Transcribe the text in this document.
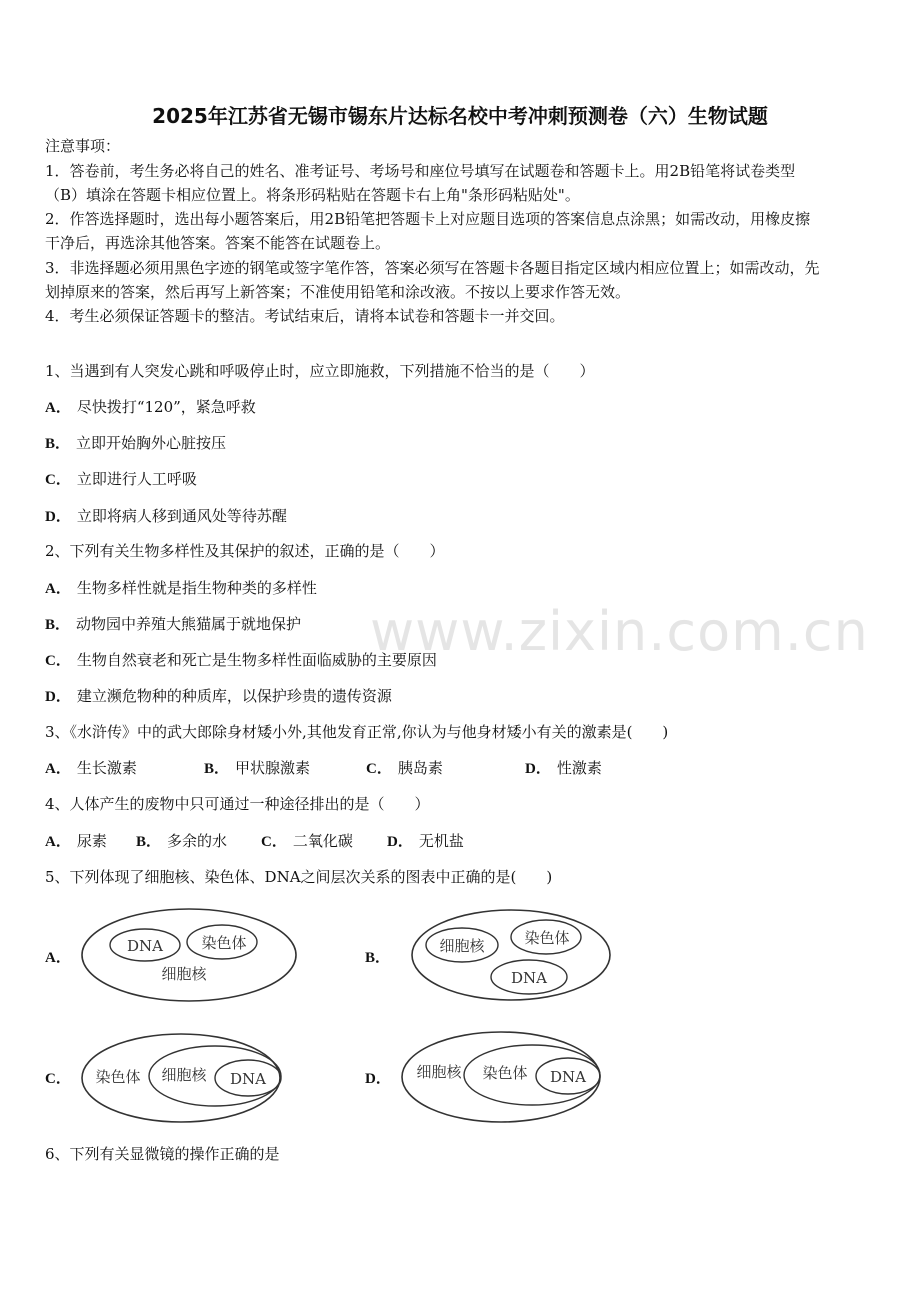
www.zixin.com.cn
2025年江苏省无锡市锡东片达标名校中考冲刺预测卷（六）生物试题
注意事项：
1．答卷前，考生务必将自己的姓名、准考证号、考场号和座位号填写在试题卷和答题卡上。用2B铅笔将试卷类型
（B）填涂在答题卡相应位置上。将条形码粘贴在答题卡右上角"条形码粘贴处"。
2．作答选择题时，选出每小题答案后，用2B铅笔把答题卡上对应题目选项的答案信息点涂黑；如需改动，用橡皮擦
干净后，再选涂其他答案。答案不能答在试题卷上。
3．非选择题必须用黑色字迹的钢笔或签字笔作答，答案必须写在答题卡各题目指定区域内相应位置上；如需改动，先
划掉原来的答案，然后再写上新答案；不准使用铅笔和涂改液。不按以上要求作答无效。
4．考生必须保证答题卡的整洁。考试结束后，请将本试卷和答题卡一并交回。
1、当遇到有人突发心跳和呼吸停止时，应立即施救，下列措施不恰当的是（　　）
A． 尽快拨打“120”，紧急呼救
B． 立即开始胸外心脏按压
C． 立即进行人工呼吸
D． 立即将病人移到通风处等待苏醒
2、下列有关生物多样性及其保护的叙述，正确的是（　　）
A． 生物多样性就是指生物种类的多样性
B． 动物园中养殖大熊猫属于就地保护
C． 生物自然衰老和死亡是生物多样性面临威胁的主要原因
D． 建立濒危物种的种质库，以保护珍贵的遗传资源
3、《水浒传》中的武大郎除身材矮小外,其他发育正常,你认为与他身材矮小有关的激素是(　　)
A． 生长激素	B． 甲状腺激素	C． 胰岛素	D． 性激素
4、人体产生的废物中只可通过一种途径排出的是（　　）
A． 尿素 B． 多余的水 C． 二氧化碳 D． 无机盐
5、下列体现了细胞核、染色体、DNA之间层次关系的图表中正确的是(　　)
A．
DNA	染色体
细胞核
B．
细胞核	染色体
DNA
C． 染色体 细胞核 DNA	D． 细胞核 染色体 DNA
6、下列有关显微镜的操作正确的是
